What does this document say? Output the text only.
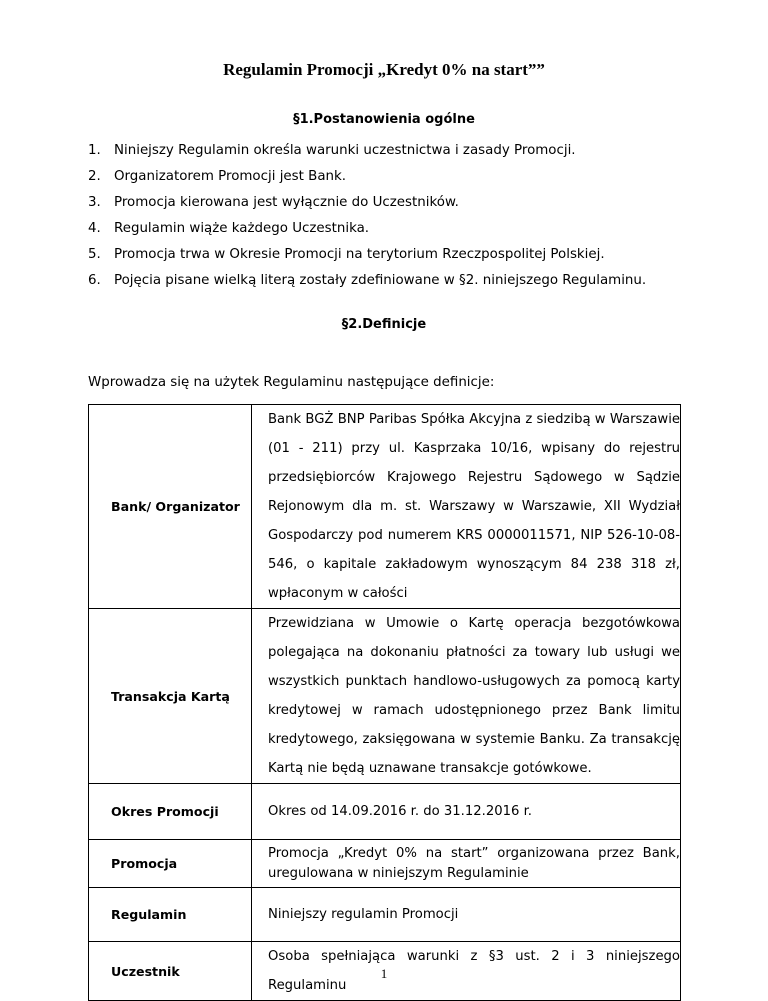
Regulamin Promocji „Kredyt 0% na start””
§1.Postanowienia ogólne
1. Niniejszy Regulamin określa warunki uczestnictwa i zasady Promocji.
2. Organizatorem Promocji jest Bank.
3. Promocja kierowana jest wyłącznie do Uczestników.
4. Regulamin wiąże każdego Uczestnika.
5. Promocja trwa w Okresie Promocji na terytorium Rzeczpospolitej Polskiej.
6. Pojęcia pisane wielką literą zostały zdefiniowane w §2. niniejszego Regulaminu.
§2.Definicje
Wprowadza się na użytek Regulaminu następujące definicje:
Bank/ Organizator	Bank BGŻ BNP Paribas Spółka Akcyjna z siedzibą w Warszawie (01 - 211) przy ul. Kasprzaka 10/16, wpisany do rejestru przedsiębiorców Krajowego Rejestru Sądowego w Sądzie Rejonowym dla m. st. Warszawy w Warszawie, XII Wydział Gospodarczy pod numerem KRS 0000011571, NIP 526-10-08-546, o kapitale zakładowym wynoszącym 84 238 318 zł, wpłaconym w całości
Transakcja Kartą	Przewidziana w Umowie o Kartę operacja bezgotówkowa polegająca na dokonaniu płatności za towary lub usługi we wszystkich punktach handlowo-usługowych za pomocą karty kredytowej w ramach udostępnionego przez Bank limitu kredytowego, zaksięgowana w systemie Banku. Za transakcję Kartą nie będą uznawane transakcje gotówkowe.
Okres Promocji	Okres od 14.09.2016 r. do 31.12.2016 r.
Promocja	Promocja „Kredyt 0% na start” organizowana przez Bank, uregulowana w niniejszym Regulaminie
Regulamin	Niniejszy regulamin Promocji
Uczestnik	Osoba spełniająca warunki z §3 ust. 2 i 3 niniejszego Regulaminu
1
